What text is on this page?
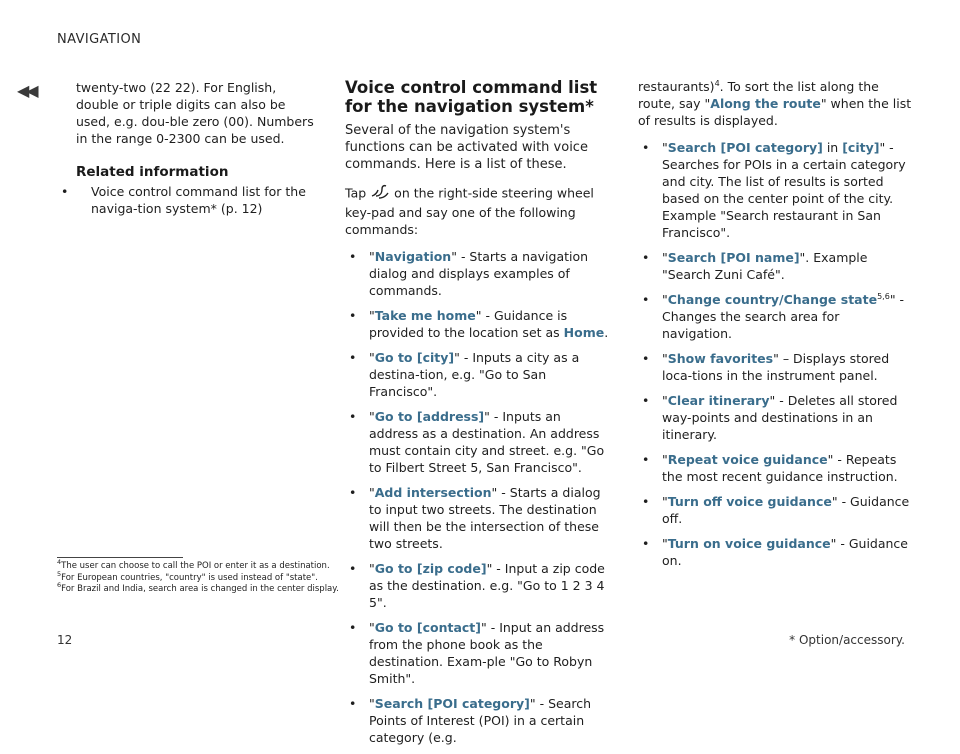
NAVIGATION
◀◀	twenty-two (22 22). For English, double or triple digits can also be used, e.g. dou-ble zero (00). Numbers in the range 0-2300 can be used.

Related information
• Voice control command list for the naviga-tion system* (p. 12)
Voice control command list for the navigation system*

Several of the navigation system's functions can be activated with voice commands. Here is a list of these.

Tap on the right-side steering wheel key-pad and say one of the following commands:

• "Navigation" - Starts a navigation dialog and displays examples of commands.
• "Take me home" - Guidance is provided to the location set as Home.
• "Go to [city]" - Inputs a city as a destina-tion, e.g. "Go to San Francisco".
• "Go to [address]" - Inputs an address as a destination. An address must contain city and street. e.g. "Go to Filbert Street 5, San Francisco".
• "Add intersection" - Starts a dialog to input two streets. The destination will then be the intersection of these two streets.
• "Go to [zip code]" - Input a zip code as the destination. e.g. "Go to 1 2 3 4 5".
• "Go to [contact]" - Input an address from the phone book as the destination. Exam-ple "Go to Robyn Smith".
• "Search [POI category]" - Search Points of Interest (POI) in a certain category (e.g.

restaurants)$^4$. To sort the list along the route, say "Along the route" when the list of results is displayed.

• "Search [POI category] in [city]" - Searches for POIs in a certain category and city. The list of results is sorted based on the center point of the city. Example "Search restaurant in San Francisco".
• "Search [POI name]". Example "Search Zuni Café".
• "Change country/Change state$^{5,6}$" - Changes the search area for navigation.
• "Show favorites" – Displays stored loca-tions in the instrument panel.
• "Clear itinerary" - Deletes all stored way-points and destinations in an itinerary.
• "Repeat voice guidance" - Repeats the most recent guidance instruction.
• "Turn off voice guidance" - Guidance off.
• "Turn on voice guidance" - Guidance on.
$^4$The user can choose to call the POI or enter it as a destination.
$^5$For European countries, "country" is used instead of "state".
$^6$For Brazil and India, search area is changed in the center display.
12	* Option/accessory.
